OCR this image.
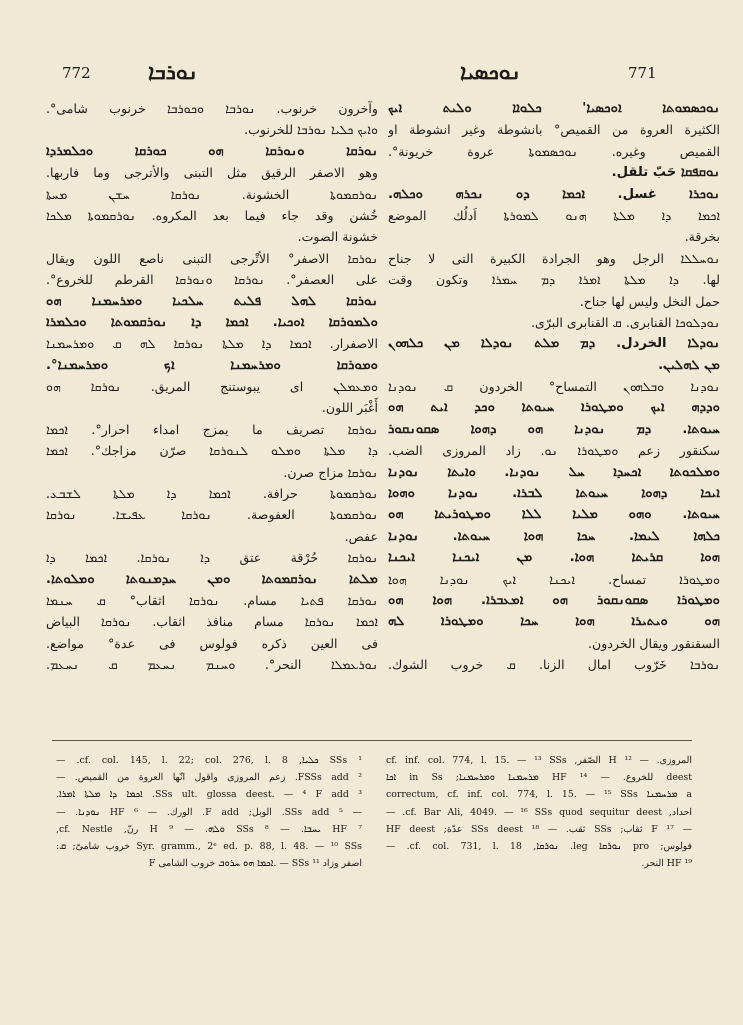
772	ܢܘܪܒܐ	ܢܘܟܣܝܐ	771
وآخرون خرنوب. ܢܘܪܒܐ ܘܟܘܪܒܐ خرنوب شامى°.
ܘܐܝܟ ܟܠܝܐ ܢܘܪܒܐ للخرنوب.
ܢܘܪܩܐ ܘܢܘܪܩܐ ܗܘ ܟܘܪܩܐ ܘܟܠܡܪܕܐ
وهو الاصفر الرقيق مثل التبنى والأترجى وما فاربها.
ܢܘܪܩܡܘܬܐ الخشونة. ܢܘܪܩܐ ܚܫܢ ܡܚܬܐ
خُشن وقد جاء فيما بعد المكروه. ܢܘܪܩܡܘܬܐ ܡܠܟܐ
خشونة الصوت.
ܢܘܪܩܐ الاصفر° الأتْرجى التبنى ناصع اللون ويقال
على العصفر°. ܢܘܪܩܐ ܘܢܘܪܩܐ القرطم للخروع°.
ܢܘܪܩܐ ܠܗܠ ܦܠܝܬ ܚܠܟܝܐ ܘܡܪܚܡܢܐ ܗܘ
ܘܠܡܘܪܩܐ ܐܘܟܝܐ. ܐܟܡܐ ܕܐ ܢܘܪܩܡܘܬܐ ܘܟܠܡܪܐ
الاصفرار. ܐܟܡܐ ܕܐ ܡܠܬܐ ܢܘܪܩܐ ܠܗ ܩ ܘܡܪܚܡܢܐ
ܘܡܘܪܩܐ ܘܡܪܚܡܢܐ ܐܟ ܘܡܪܚܡܢܐ°.
ܘܡܥܡܠܢ اى يبوستنج المريق. ܢܘܪܩܐ ܗܘ
أَغْبَر اللون.
ܢܘܪܩܐ تصريف ما يمزج امداء احرار°. ܐܟܡܐ
ܕܐ ܡܠܬܐ ܘܡܠܘ ܠܢܘܪܩܐ صرّن مزاجك°. ܐܟܡܐ
ܢܘܪܩܐ مزاج صرن.
ܢܘܪܩܡܘܬܐ حرافة. ܐܟܡܐ ܕܐ ܡܠܬܐ ܠܫܒܥ.
ܢܘܪܩܡܘܬܐ العفوصة. ܢܘܪܩܐ ܥܦܝܫܐ. ܢܘܪܩܐ
عفص.
ܢܘܪܩܐ حُرْقة عتق ܕܐ ܢܘܪܩܐ. ܐܟܡܐ ܕܐ
ܡܠܬܐ ܢܘܪܩܡܘܬܐ ܘܡܢ ܚܕܡܢܘܬܐ ܘܡܠܘܬܐ.
ܢܘܪܩܐ ܦܬܝܐ مسام. ܢܘܪܩܐ اثقاب° ܩ ܚܢܡܐ
ܐܟܡܐ ܢܘܪܩܐ مسام منافذ اثقاب. ܢܘܪܩܐ البياض
فى العين ذكره فولوس فى عدة° مواضع.
ܢܘܪܥܡܠܐ النحر°. ܘܚܢܡ ܢܚܥܡ ܩ ܢܚܥܡ.
ܢܘܟܣܡܘܬܐ ܐܘܟܣܝܐ' ܟܠܘܐܐ ܘܠܝܬ ܐܝܟ
الكثيرة العروة من القميص° بانشوطة وغير انشوطة او
القميص وغيره. ܢܘܟܣܡܘܬܐ عروة خريونة°.
ܢܘܩܦܩܐ حَبّ تلقل.
ܢܘܟܪܐ غسل. ܐܟܡܐ ܕܘ ܢܟܪܗ ܘܟܠܗ.
ܐܟܡܐ ܕܐ ܡܠܬܐ ܗܢܘ ܠܡܘܪܬܐ اَدلُك الموضع
بخرقة.
ܢܘܚܠܠܐ الرجل وهو الجرادة الكبيرة التى لا جناح
لها. ܕܐ ܡܠܬܐ ܐܡܪܐ ܕܡ ܚܡܪܐ وتكون وقت
حمل النخل وليس لها جناح.
ܢܘܕܠܘܟܐ القنابرى. ܩ القنابرى البرّى.
ܢܘܕܠܐ الخردل. ܕܡ ܡܠܬ ܢܘܕܠܐ ܡܢ ܟܠܗܘܢ
ܡܢ ܠܗܠܝܢ.
ܢܘܕܢܐ ܘܒܠܗܘܢ التمساح° الخردون ܩ ܢܘܕܢܐ
ܘܕܕܗ ܐܝܟ ܘܡܛܘܪܐ ܚܝܘܬܐ ܘܟܕ ܐܝܬ ܗܘ
ܚܝܘܬܐ. ܕܡ ܢܘܕܢܐ ܗܘ ܕܗܘܐ ܣܩܘܢܩܘܪ
سكنقور زعم ܘܡܛܘܪܐ ܢܘ. زاد المروزى الضب.
ܘܡܠܟܘܬܐ ܐܟܚܕܐ ܚܠ ܢܘܕܢܐ. ܘܐܝܬܐ ܢܘܕܢܐ
ܐܝܟܐ ܕܗܘܐ ܚܝܘܬܐ ܠܒܪܐ. ܢܘܕܢܐ ܘܗܘܐ
ܚܝܘܬܐ. ܘܗܘ ܡܠܝܐ ܠܠܐ ܘܡܛܘܪܝܬܐ ܗܘ
ܟܠܗܐ ܠܝܡܐ. ܚܟܐ ܗܘܐ ܚܝܘܬܐ. ܢܘܕܢܐ
ܗܘܐ ܩܪܝܬܐ ܗܘܐ. ܡܢ ܐܝܟܢܐ ܐܝܟܢܐ
ܘܡܛܘܪܐ تمساح. ܐܝܟܢܐ ܐܝܟ ܢܘܕܢܐ ܗܘܐ
ܘܡܛܘܪܐ ܣܩܘܢܩܘܪ ܗܘ ܐܡܥܒܪܐ. ܗܘܐ ܗܘ
ܗܘ ܘܝܬܝܪܐ ܗܘܐ ܚܟܐ ܘܡܛܘܪܐ ܠܗ
السقنقور ويقال الخردون.
ܢܘܪܒܐ خَرّوب امال الزنا. ܩ خروب الشوك.
¹ SSs ܟܠܝܐ, cf. col. 145, l. 22; col. 276, l. 8. —
² FSSs add. زعم المروزى واقول انّها العروة من القميص. —
³ SSs ult. glossa deest. — ⁴ F add. ܐܟܡܐ ܕܐ ܡܠܬܐ ܐܡܪܐ.
— ⁵ SSs add. الوبل; F add. الورك. — ⁶ HF ܢܘܕܢܐ. —
⁷ HF ܝܚܒܐ. — ⁸ SSs ܘܠܗ. — ⁹ H رنّ, cf. Nestle,
Syr. gramm., 2ᵉ ed. p. 88, l. 48. — ¹⁰ SSs خروب شامىّ; ܩ:
اصفر وزاد SSs ¹¹ — .ܐܟܡܐ ܗܘ ܚܪܘܒ خروب الشامى F
المروزى. — ¹² H الصّفر, cf. inf. col. 774, l. 15. — ¹³ SSs
deest للخروع. — ¹⁴ HF ܡܪܚܡܢܐ ܘܡܪܚܡܢܐ; in Ss ܐܟܐ
a ܡܪܚܡܢܐ correctum, cf. inf. col. 774, l. 15. — ¹⁵ SSs
احداد, cf. Bar Ali, 4049. — ¹⁶ SSs quod sequitur deest. —
— ¹⁷ F ثقاب; SSs ثقب. — ¹⁸ SSs deest عدّة; HF deest
فولوس; pro ܢܘܪܩܐ leg. ܢܘܪܩܐ, cf. col. 731, l. 18. —
¹⁹ HF النحر.
